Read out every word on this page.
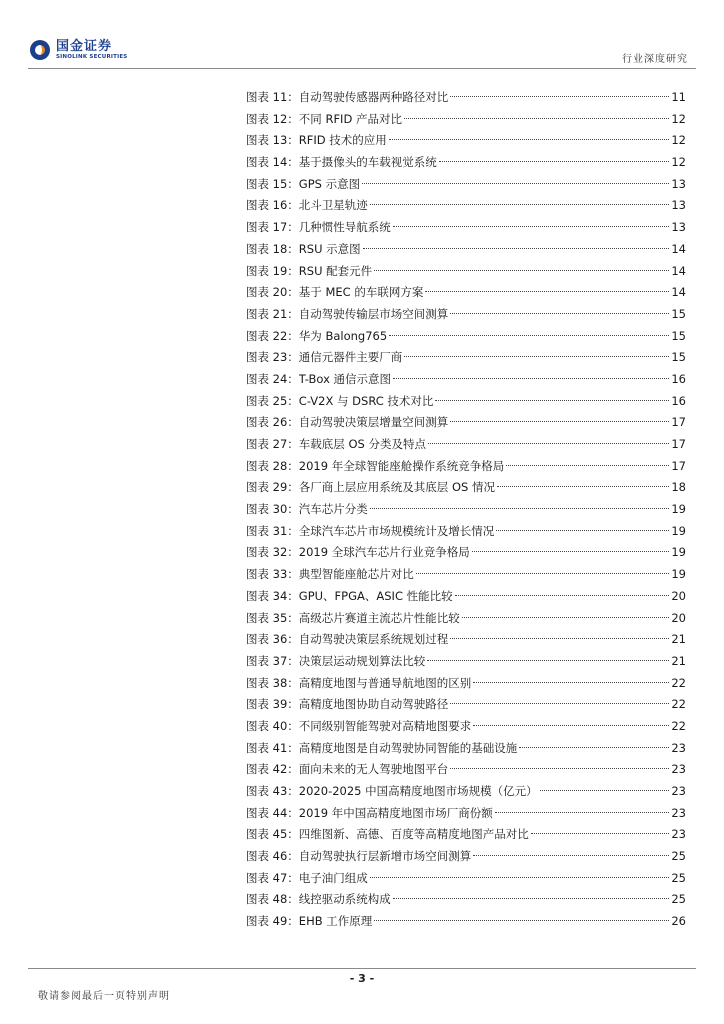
国金证券
SINOLINK SECURITIES	行业深度研究
图表 11： 自动驾驶传感器两种路径对比	11
图表 12： 不同 RFID 产品对比	12
图表 13： RFID 技术的应用	12
图表 14： 基于摄像头的车载视觉系统	12
图表 15： GPS 示意图	13
图表 16： 北斗卫星轨迹	13
图表 17： 几种惯性导航系统	13
图表 18： RSU 示意图	14
图表 19： RSU 配套元件	14
图表 20： 基于 MEC 的车联网方案	14
图表 21： 自动驾驶传输层市场空间测算	15
图表 22： 华为 Balong765	15
图表 23： 通信元器件主要厂商	15
图表 24： T-Box 通信示意图	16
图表 25： C-V2X 与 DSRC 技术对比	16
图表 26： 自动驾驶决策层增量空间测算	17
图表 27： 车载底层 OS 分类及特点	17
图表 28： 2019 年全球智能座舱操作系统竞争格局	17
图表 29： 各厂商上层应用系统及其底层 OS 情况	18
图表 30： 汽车芯片分类	19
图表 31： 全球汽车芯片市场规模统计及增长情况	19
图表 32： 2019 全球汽车芯片行业竞争格局	19
图表 33： 典型智能座舱芯片对比	19
图表 34： GPU、FPGA、ASIC 性能比较	20
图表 35： 高级芯片赛道主流芯片性能比较	20
图表 36： 自动驾驶决策层系统规划过程	21
图表 37： 决策层运动规划算法比较	21
图表 38： 高精度地图与普通导航地图的区别	22
图表 39： 高精度地图协助自动驾驶路径	22
图表 40： 不同级别智能驾驶对高精地图要求	22
图表 41： 高精度地图是自动驾驶协同智能的基础设施	23
图表 42： 面向未来的无人驾驶地图平台	23
图表 43： 2020-2025 中国高精度地图市场规模（亿元）	23
图表 44： 2019 年中国高精度地图市场厂商份额	23
图表 45： 四维图新、高德、百度等高精度地图产品对比	23
图表 46： 自动驾驶执行层新增市场空间测算	25
图表 47： 电子油门组成	25
图表 48： 线控驱动系统构成	25
图表 49： EHB 工作原理	26
- 3 -
敬请参阅最后一页特别声明
